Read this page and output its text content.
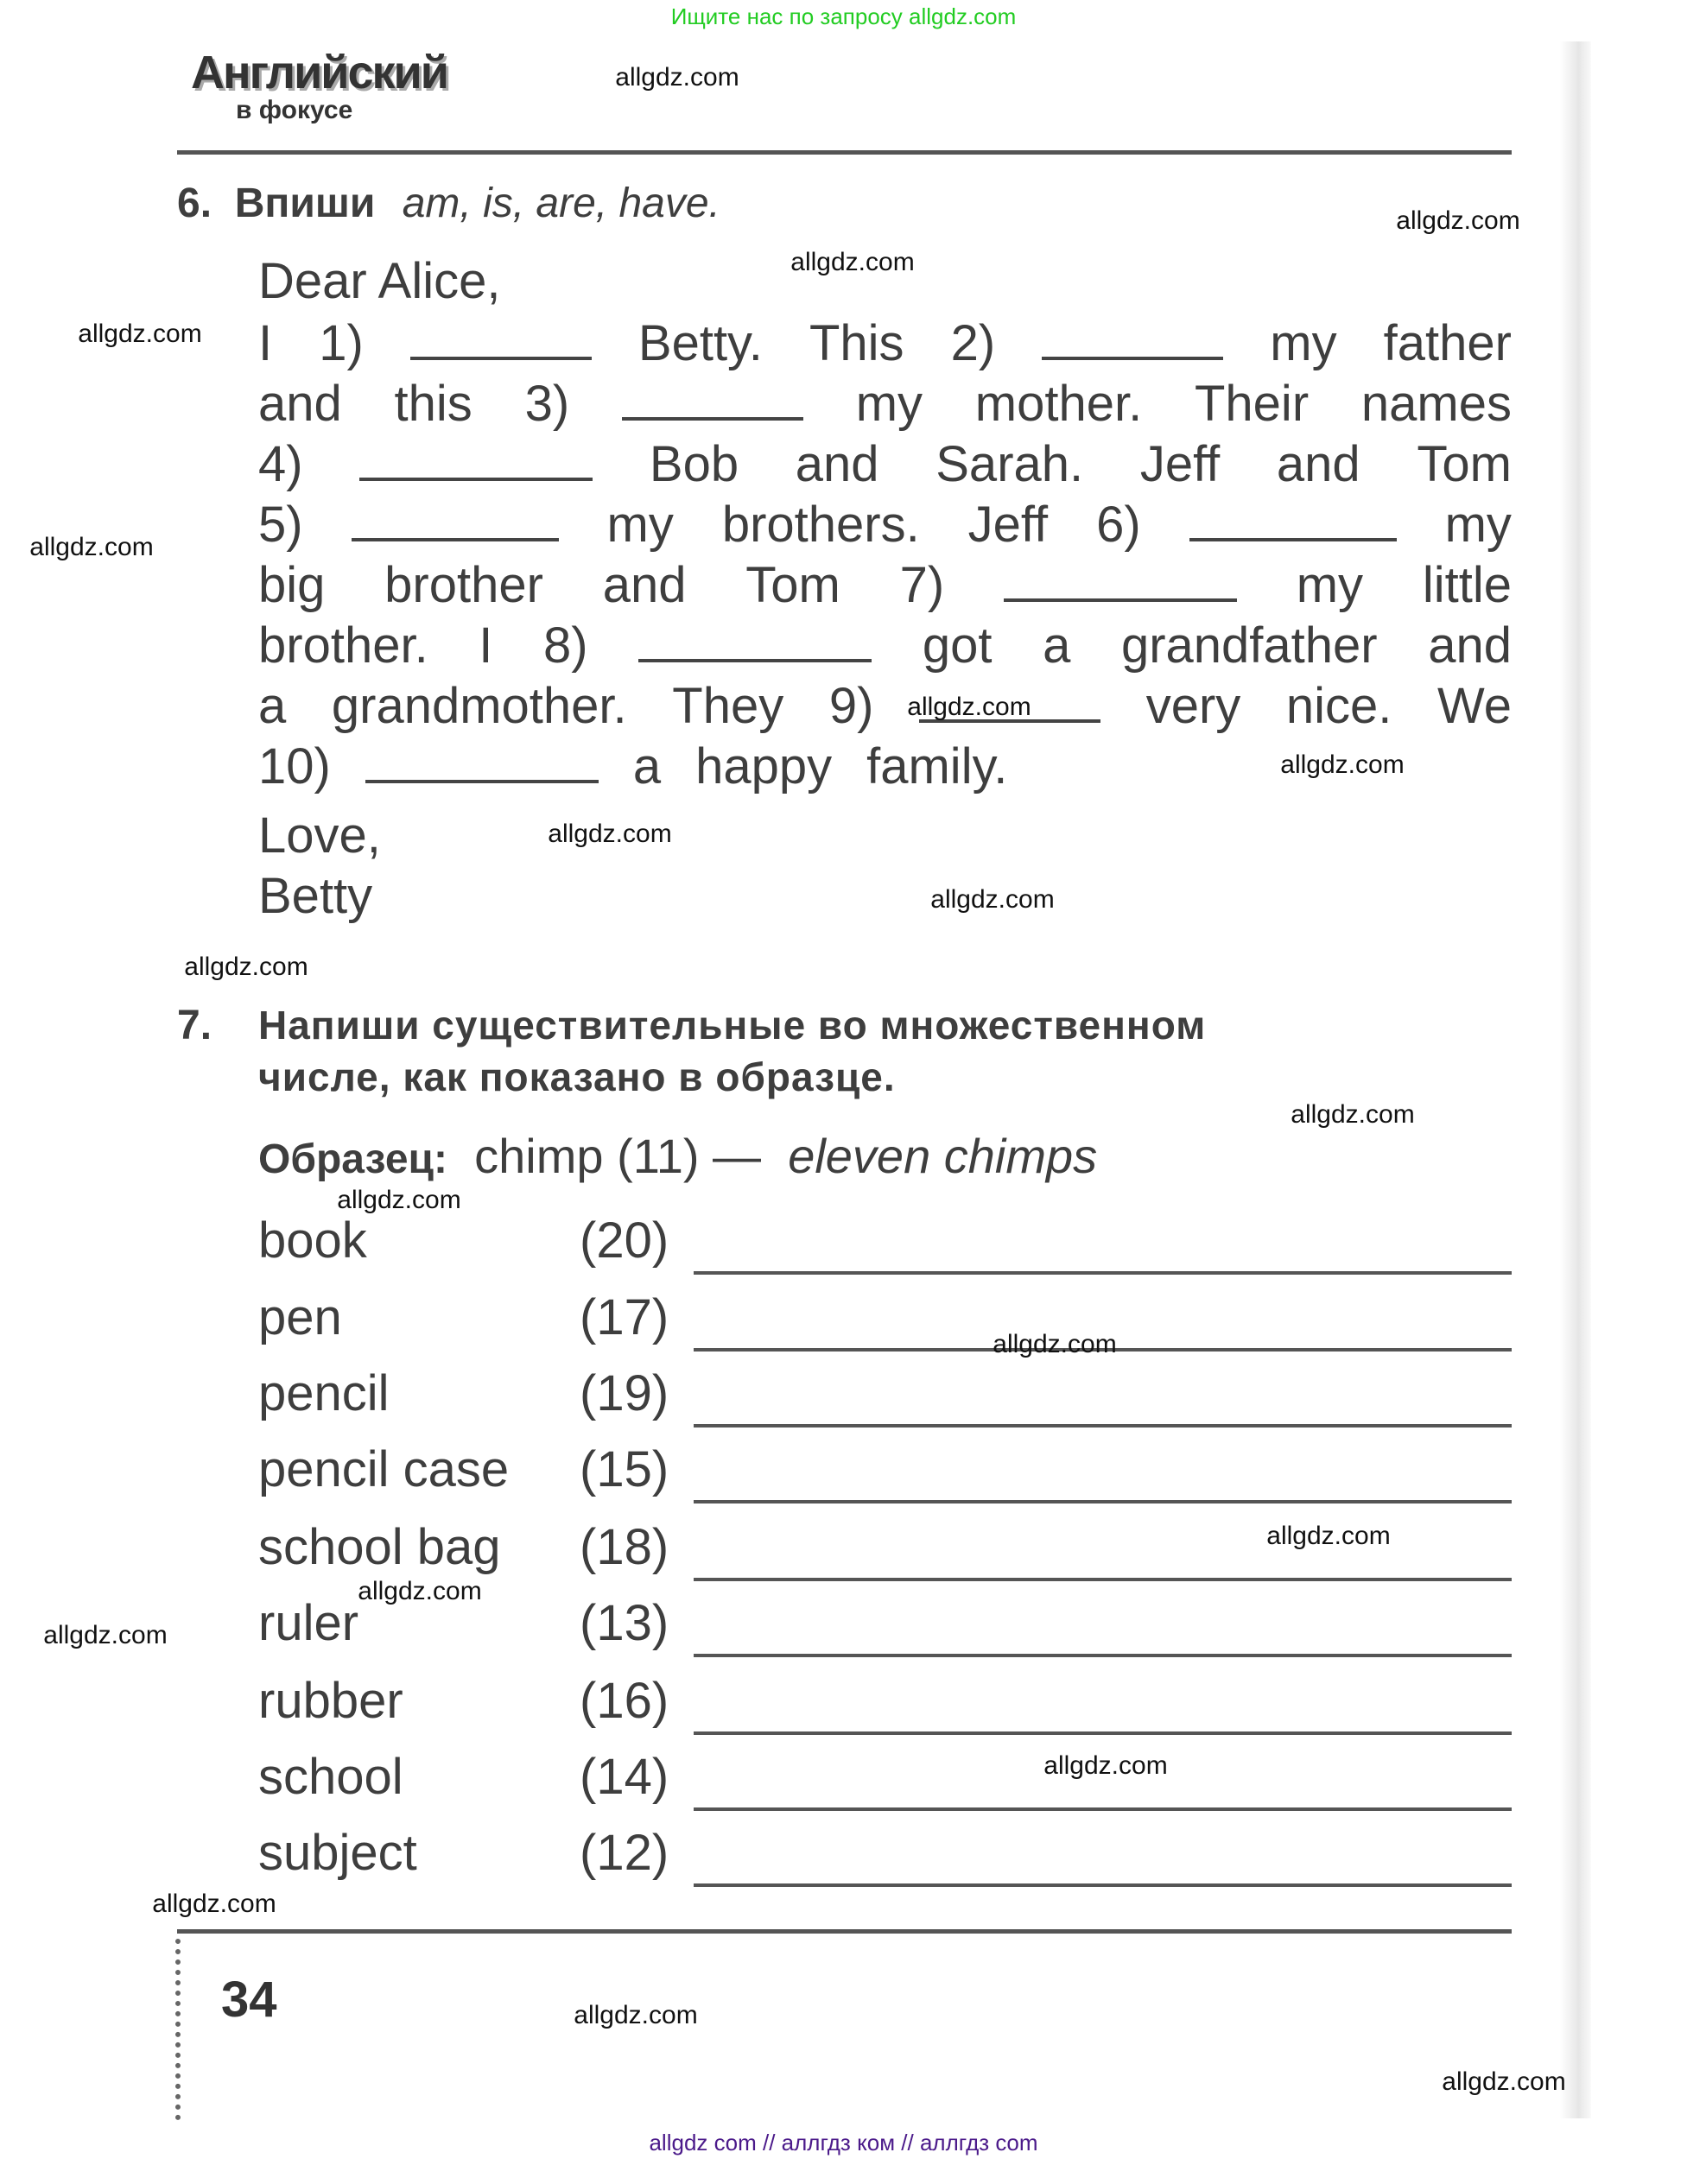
Ищите нас по запросу allgdz.com
Английский
в фокусе
6. Впиши am, is, are, have.
Dear Alice,
I 1)	Betty. This 2)	my father
and this 3)	my mother. Their names
4)	Bob and Sarah. Jeff and Tom
5)	my brothers. Jeff 6)	my
big brother and Tom 7)	my little
brother. I 8)	got a grandfather and
a grandmother. They 9)	very nice. We
10)	a happy family.
Love,
Betty
7. Напиши существительные во множественном
числе, как показано в образце.
Образец: chimp (11) — eleven chimps
book	(20)
pen	(17)
pencil	(19)
pencil case (15)
school bag (18)
ruler	(13)
rubber	(16)
school	(14)
subject	(12)
34
allgdz.com
allgdz.com
allgdz.com
allgdz.com
allgdz.com
allgdz.com
allgdz.com
allgdz.com
allgdz.com
allgdz.com
allgdz.com
allgdz.com
allgdz.com
allgdz.com
allgdz.com
allgdz.com
allgdz.com
allgdz.com
allgdz.com
allgdz.com
allgdz com // аллгдз ком // аллгдз com
